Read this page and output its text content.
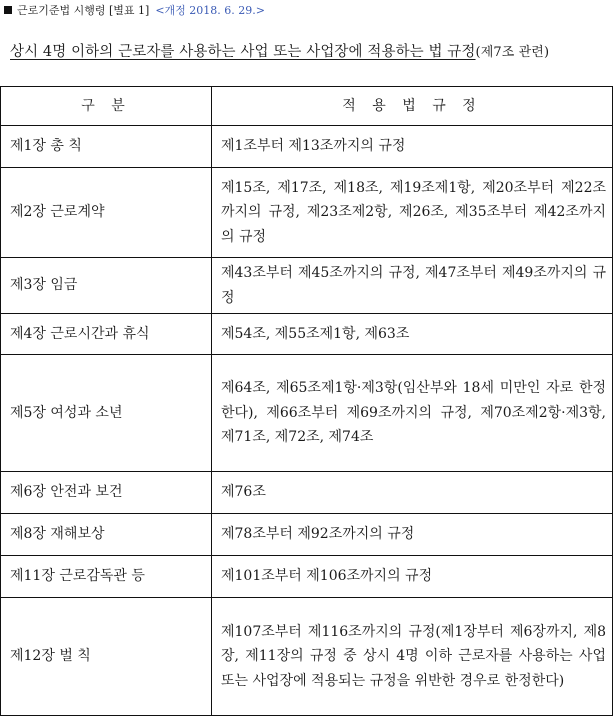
근로기준법 시행령 [별표 1] <개정 2018. 6. 29.>
상시 4명 이하의 근로자를 사용하는 사업 또는 사업장에 적용하는 법 규정(제7조 관련)
구 분	적 용 법 규 정
제1장 총 칙	제1조부터 제13조까지의 규정
제2장 근로계약	제15조, 제17조, 제18조, 제19조제1항, 제20조부터 제22조까지의 규정, 제23조제2항, 제26조, 제35조부터 제42조까지의 규정
제3장 임금	제43조부터 제45조까지의 규정, 제47조부터 제49조까지의 규정
제4장 근로시간과 휴식	제54조, 제55조제1항, 제63조
제5장 여성과 소년	제64조, 제65조제1항·제3항(임산부와 18세 미만인 자로 한정한다), 제66조부터 제69조까지의 규정, 제70조제2항·제3항, 제71조, 제72조, 제74조
제6장 안전과 보건	제76조
제8장 재해보상	제78조부터 제92조까지의 규정
제11장 근로감독관 등	제101조부터 제106조까지의 규정
제12장 벌 칙	제107조부터 제116조까지의 규정(제1장부터 제6장까지, 제8장, 제11장의 규정 중 상시 4명 이하 근로자를 사용하는 사업 또는 사업장에 적용되는 규정을 위반한 경우로 한정한다)
